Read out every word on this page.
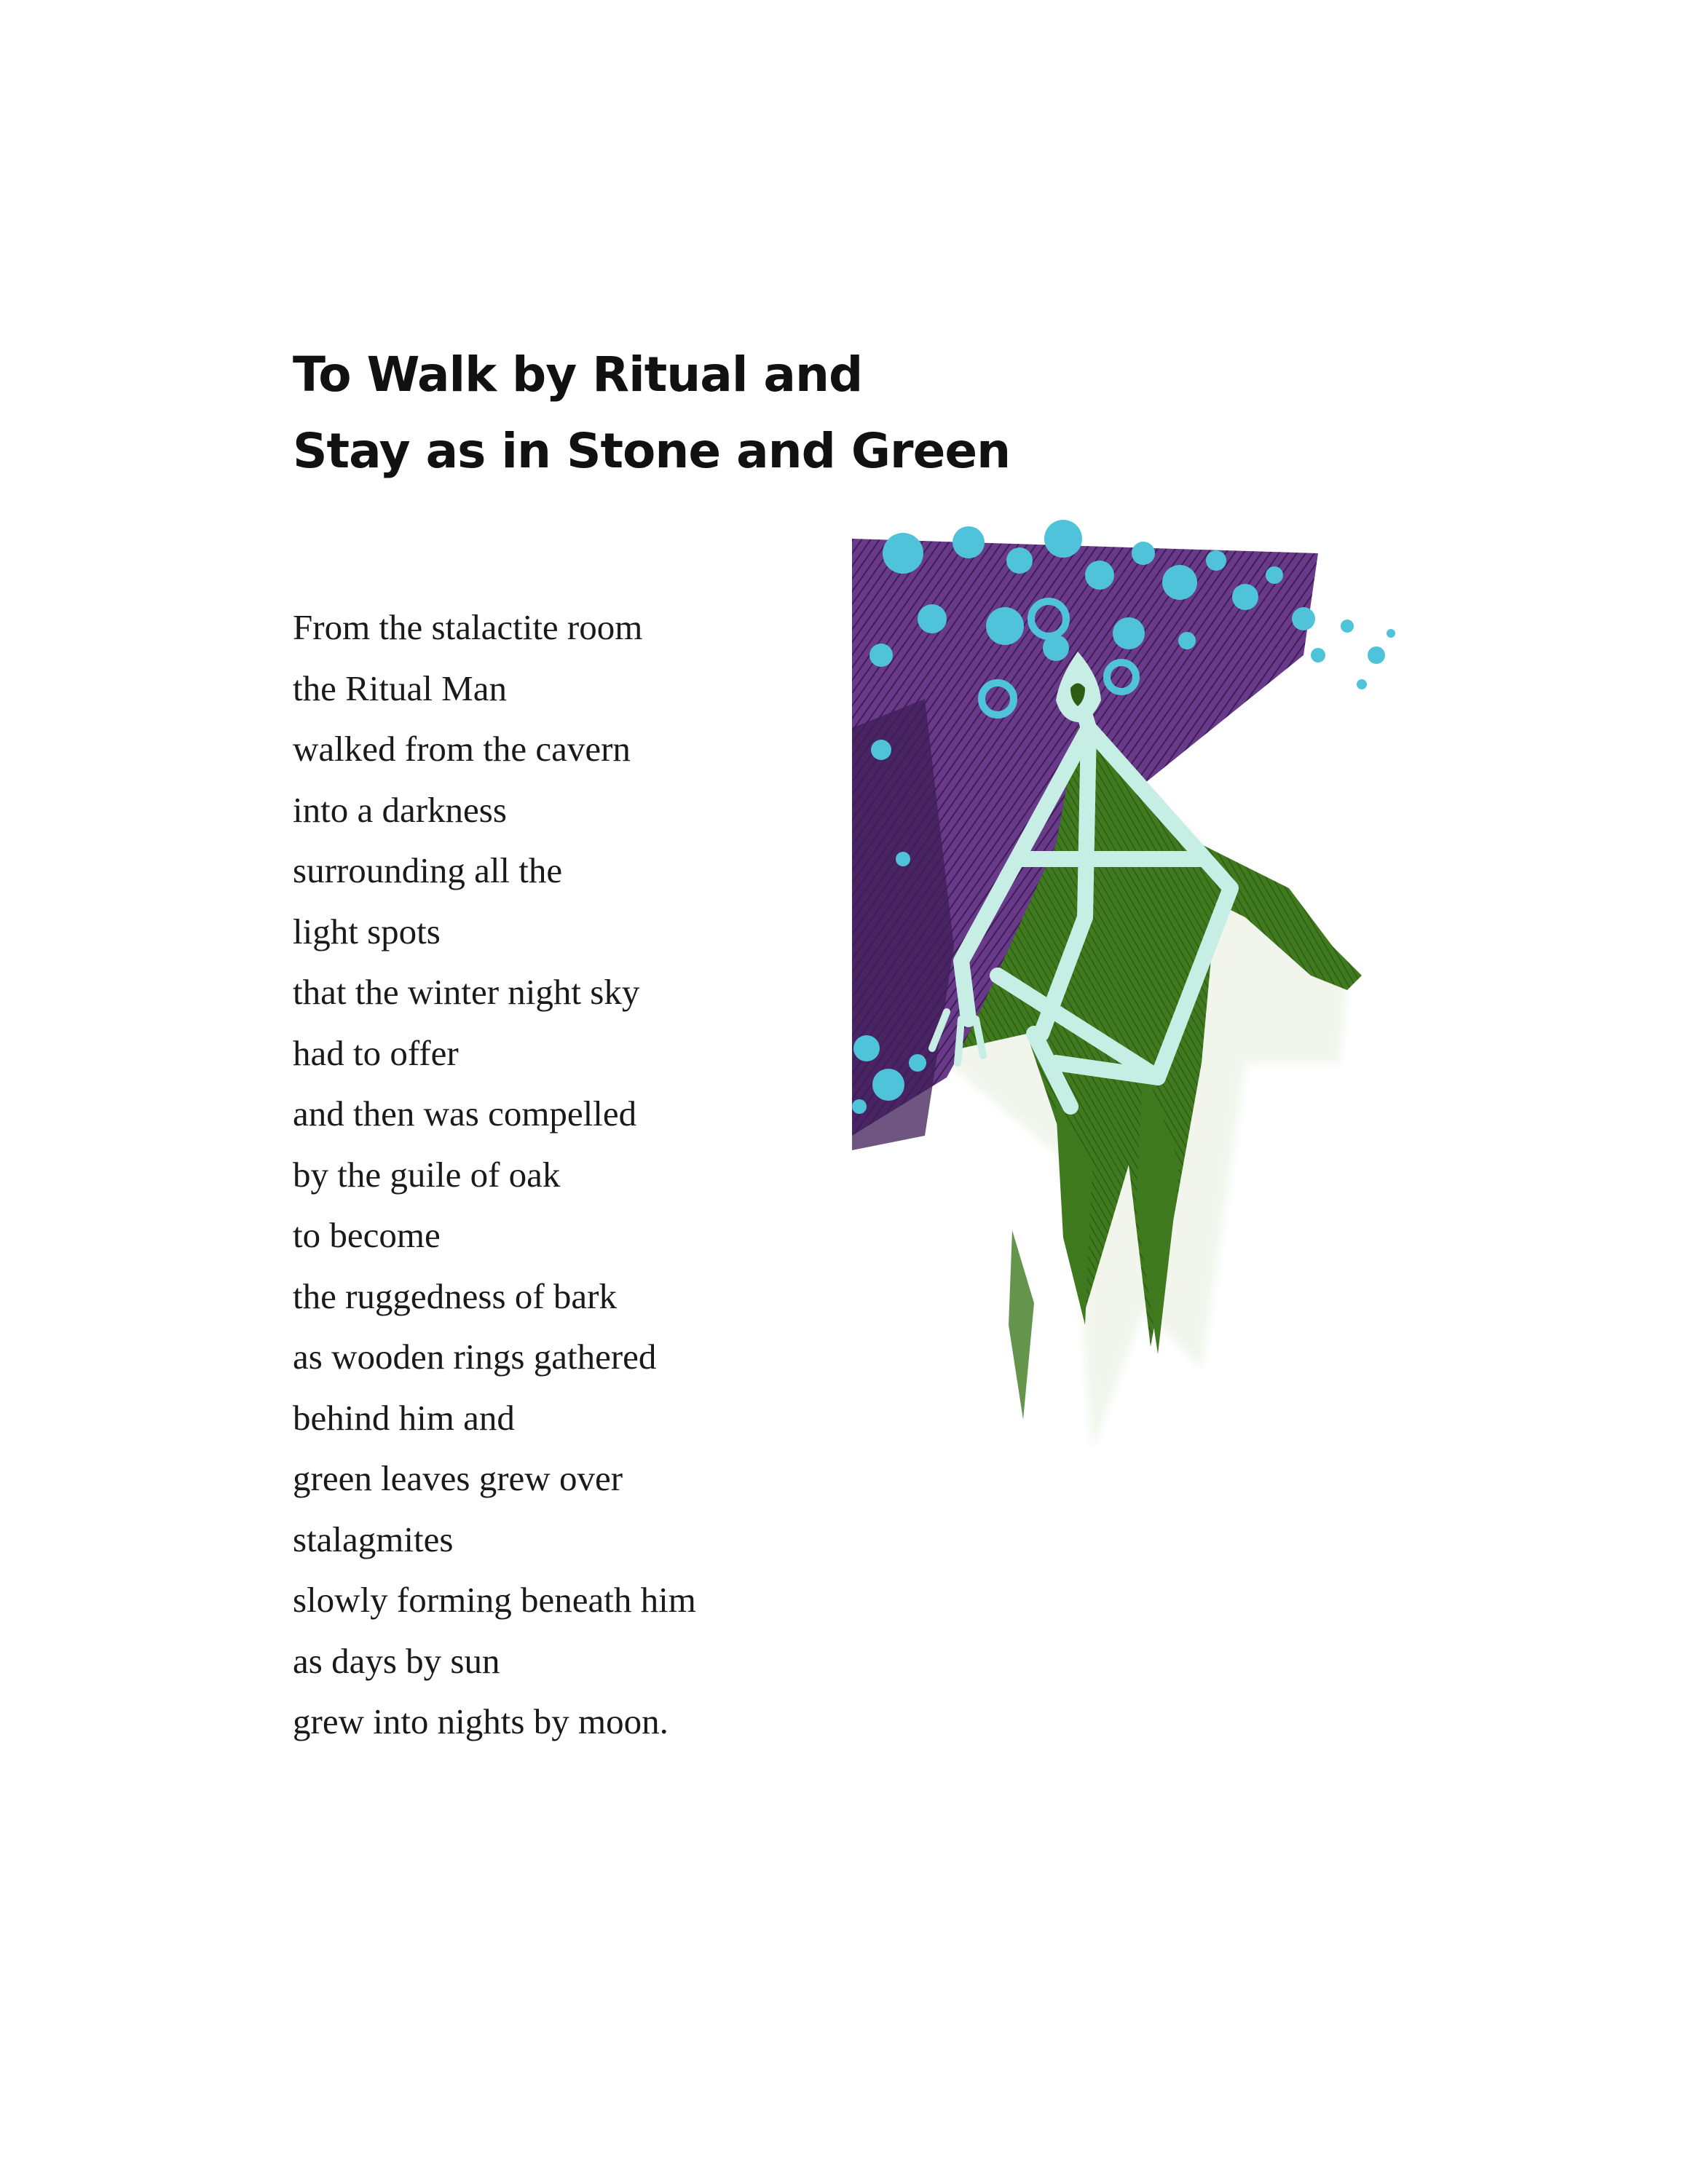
To Walk by Ritual and
Stay as in Stone and Green
From the stalactite room
the Ritual Man
walked from the cavern
into a darkness
surrounding all the
light spots
that the winter night sky
had to offer
and then was compelled
by the guile of oak
to become
the ruggedness of bark
as wooden rings gathered
behind him and
green leaves grew over
stalagmites
slowly forming beneath him
as days by sun
grew into nights by moon.
